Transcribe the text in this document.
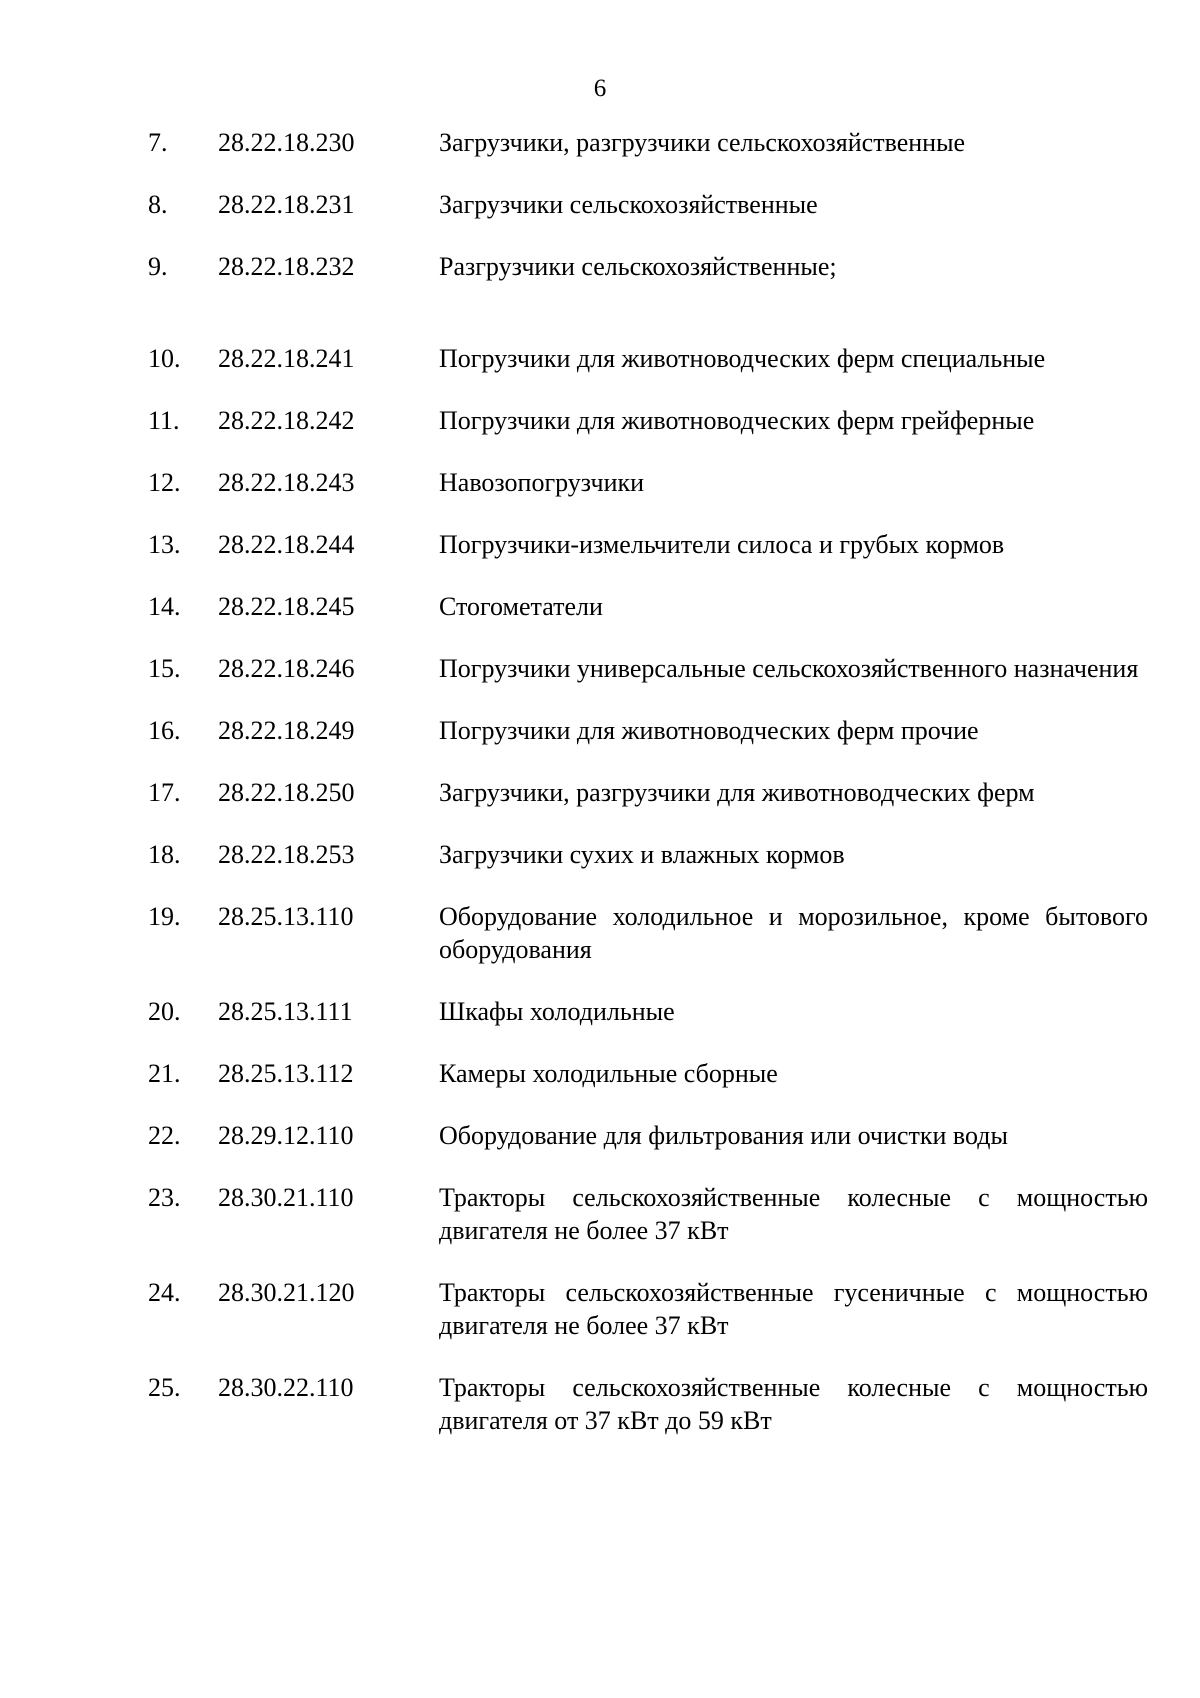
6
7.	28.22.18.230	Загрузчики, разгрузчики сельскохозяйственные
8.	28.22.18.231	Загрузчики сельскохозяйственные
9.	28.22.18.232	Разгрузчики сельскохозяйственные;
10.	28.22.18.241	Погрузчики для животноводческих ферм специальные
11.	28.22.18.242	Погрузчики для животноводческих ферм грейферные
12.	28.22.18.243	Навозопогрузчики
13.	28.22.18.244	Погрузчики-измельчители силоса и грубых кормов
14.	28.22.18.245	Стогометатели
15.	28.22.18.246	Погрузчики универсальные сельскохозяйственного назначения
16.	28.22.18.249	Погрузчики для животноводческих ферм прочие
17.	28.22.18.250	Загрузчики, разгрузчики для животноводческих ферм
18.	28.22.18.253	Загрузчики сухих и влажных кормов
19.	28.25.13.110	Оборудование холодильное и морозильное, кроме бытового оборудования
20.	28.25.13.111	Шкафы холодильные
21.	28.25.13.112	Камеры холодильные сборные
22.	28.29.12.110	Оборудование для фильтрования или очистки воды
23.	28.30.21.110	Тракторы сельскохозяйственные колесные с мощностью двигателя не более 37 кВт
24.	28.30.21.120	Тракторы сельскохозяйственные гусеничные с мощностью двигателя не более 37 кВт
25.	28.30.22.110	Тракторы сельскохозяйственные колесные с мощностью двигателя от 37 кВт до 59 кВт
